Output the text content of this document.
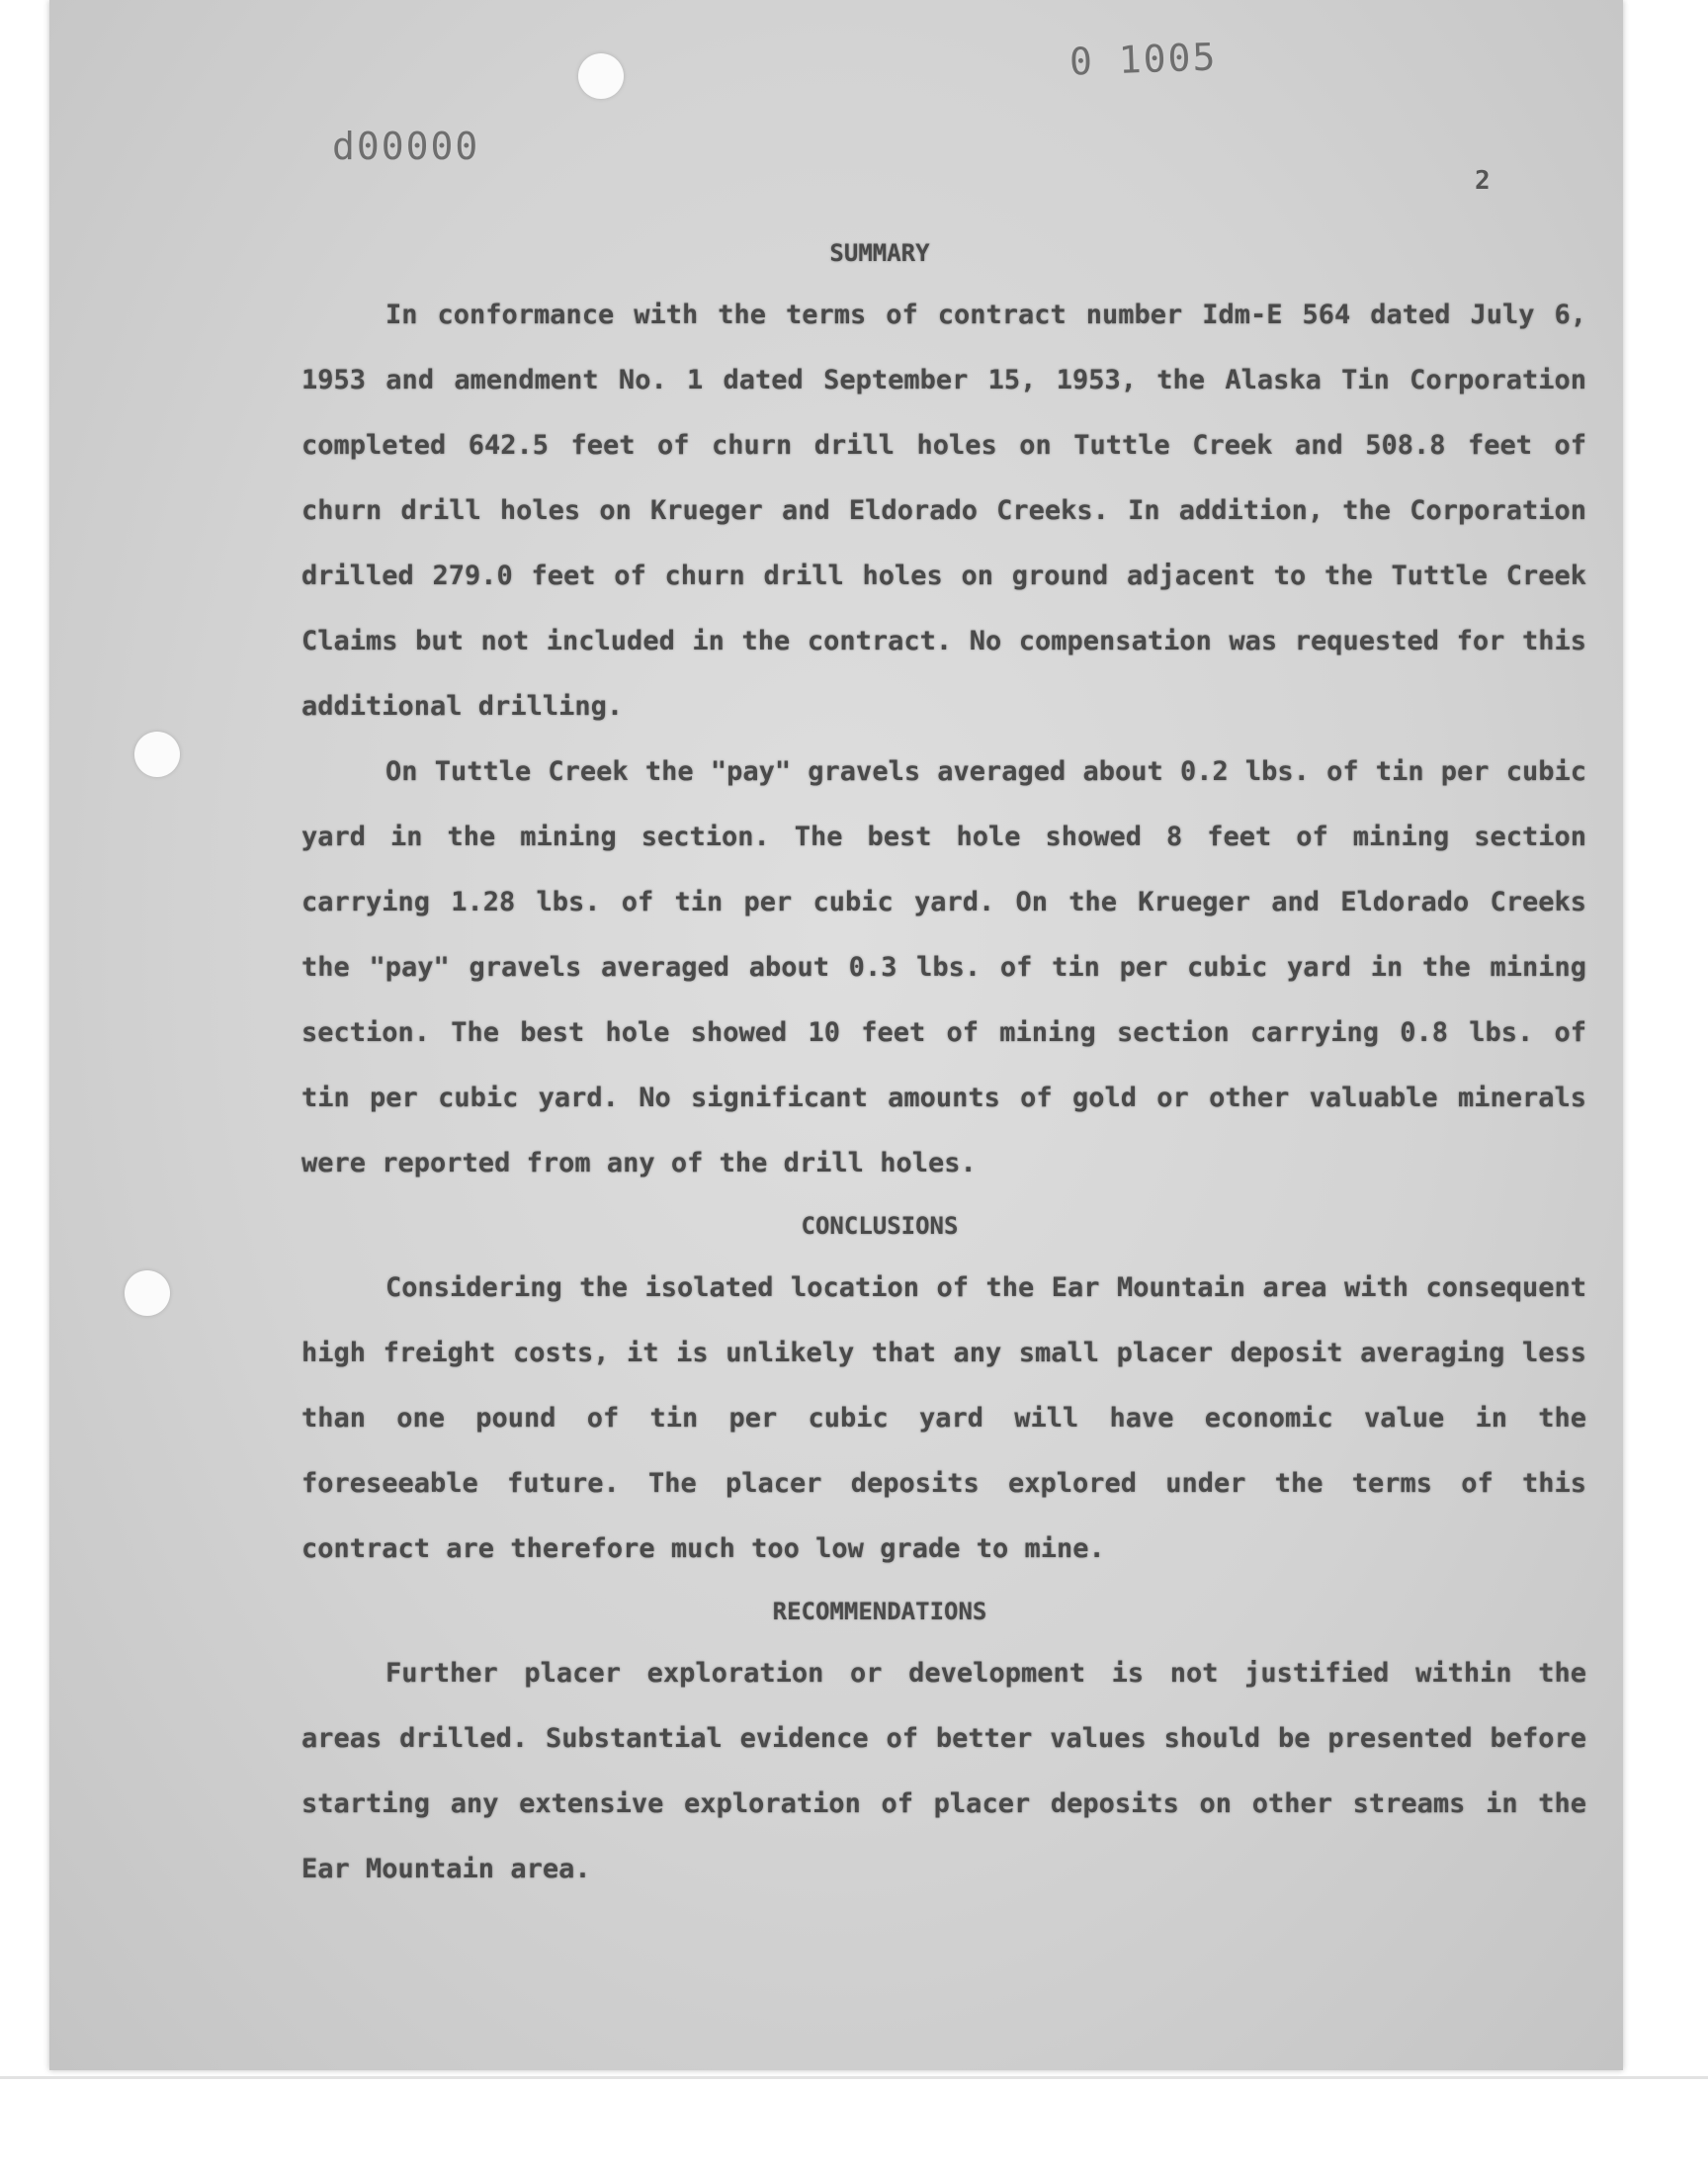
d00000
0 1005
2
SUMMARY

In conformance with the terms of contract number Idm-E 564 dated July 6, 1953 and amendment No. 1 dated September 15, 1953, the Alaska Tin Corporation completed 642.5 feet of churn drill holes on Tuttle Creek and 508.8 feet of churn drill holes on Krueger and Eldorado Creeks. In addition, the Corporation drilled 279.0 feet of churn drill holes on ground adjacent to the Tuttle Creek Claims but not included in the contract. No compensation was requested for this additional drilling.

On Tuttle Creek the "pay" gravels averaged about 0.2 lbs. of tin per cubic yard in the mining section. The best hole showed 8 feet of mining section carrying 1.28 lbs. of tin per cubic yard. On the Krueger and Eldorado Creeks the "pay" gravels averaged about 0.3 lbs. of tin per cubic yard in the mining section. The best hole showed 10 feet of mining section carrying 0.8 lbs. of tin per cubic yard. No significant amounts of gold or other valuable minerals were reported from any of the drill holes.

CONCLUSIONS

Considering the isolated location of the Ear Mountain area with consequent high freight costs, it is unlikely that any small placer deposit averaging less than one pound of tin per cubic yard will have economic value in the foreseeable future. The placer deposits explored under the terms of this contract are therefore much too low grade to mine.

RECOMMENDATIONS

Further placer exploration or development is not justified within the areas drilled. Substantial evidence of better values should be presented before starting any extensive exploration of placer deposits on other streams in the Ear Mountain area.
